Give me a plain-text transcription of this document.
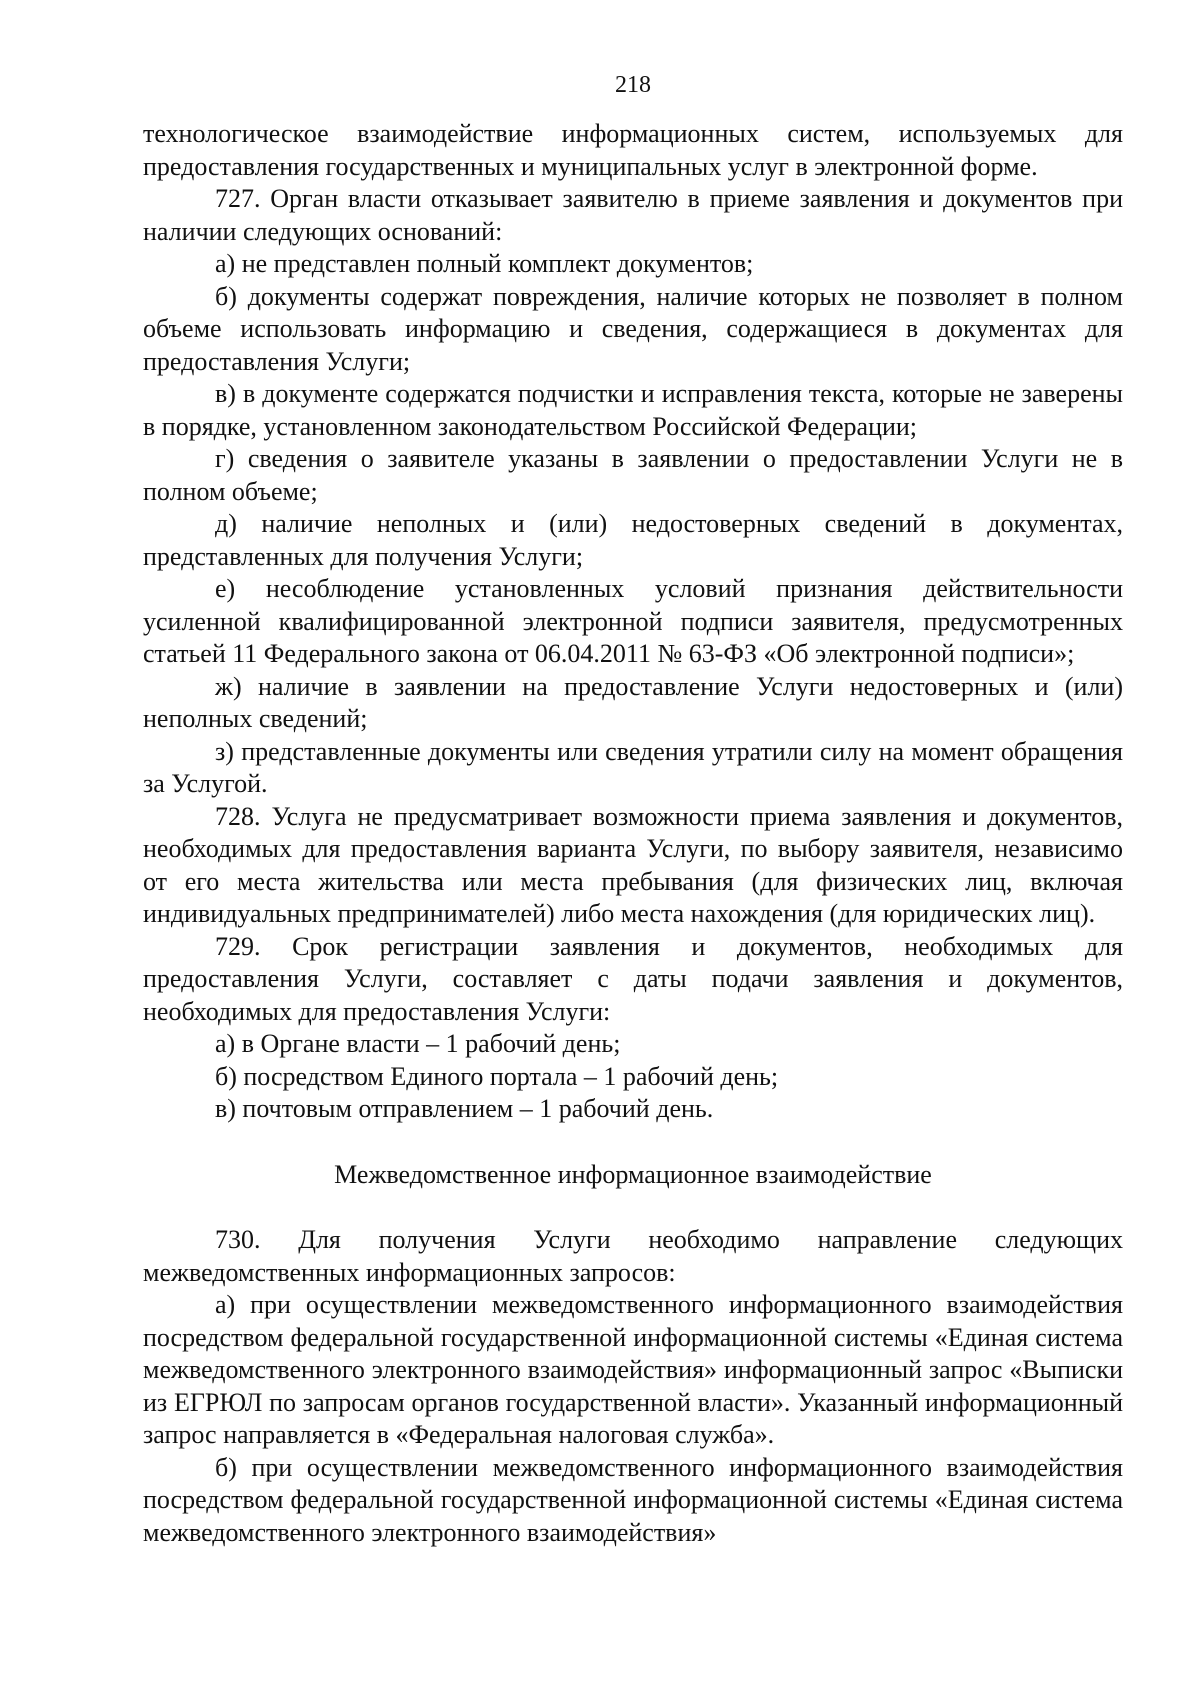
218

технологическое взаимодействие информационных систем, используемых для предоставления государственных и муниципальных услуг в электронной форме.

727. Орган власти отказывает заявителю в приеме заявления и документов при наличии следующих оснований:

а) не представлен полный комплект документов;

б) документы содержат повреждения, наличие которых не позволяет в полном объеме использовать информацию и сведения, содержащиеся в документах для предоставления Услуги;

в) в документе содержатся подчистки и исправления текста, которые не заверены в порядке, установленном законодательством Российской Федерации;

г) сведения о заявителе указаны в заявлении о предоставлении Услуги не в полном объеме;

д) наличие неполных и (или) недостоверных сведений в документах, представленных для получения Услуги;

е) несоблюдение установленных условий признания действительности усиленной квалифицированной электронной подписи заявителя, предусмотренных статьей 11 Федерального закона от 06.04.2011 № 63-ФЗ «Об электронной подписи»;

ж) наличие в заявлении на предоставление Услуги недостоверных и (или) неполных сведений;

з) представленные документы или сведения утратили силу на момент обращения за Услугой.

728. Услуга не предусматривает возможности приема заявления и документов, необходимых для предоставления варианта Услуги, по выбору заявителя, независимо от его места жительства или места пребывания (для физических лиц, включая индивидуальных предпринимателей) либо места нахождения (для юридических лиц).

729. Срок регистрации заявления и документов, необходимых для предоставления Услуги, составляет с даты подачи заявления и документов, необходимых для предоставления Услуги:

а) в Органе власти – 1 рабочий день;

б) посредством Единого портала – 1 рабочий день;

в) почтовым отправлением – 1 рабочий день.

Межведомственное информационное взаимодействие

730. Для получения Услуги необходимо направление следующих межведомственных информационных запросов:

а) при осуществлении межведомственного информационного взаимодействия посредством федеральной государственной информационной системы «Единая система межведомственного электронного взаимодействия» информационный запрос «Выписки из ЕГРЮЛ по запросам органов государственной власти». Указанный информационный запрос направляется в «Федеральная налоговая служба».

б) при осуществлении межведомственного информационного взаимодействия посредством федеральной государственной информационной системы «Единая система межведомственного электронного взаимодействия»
